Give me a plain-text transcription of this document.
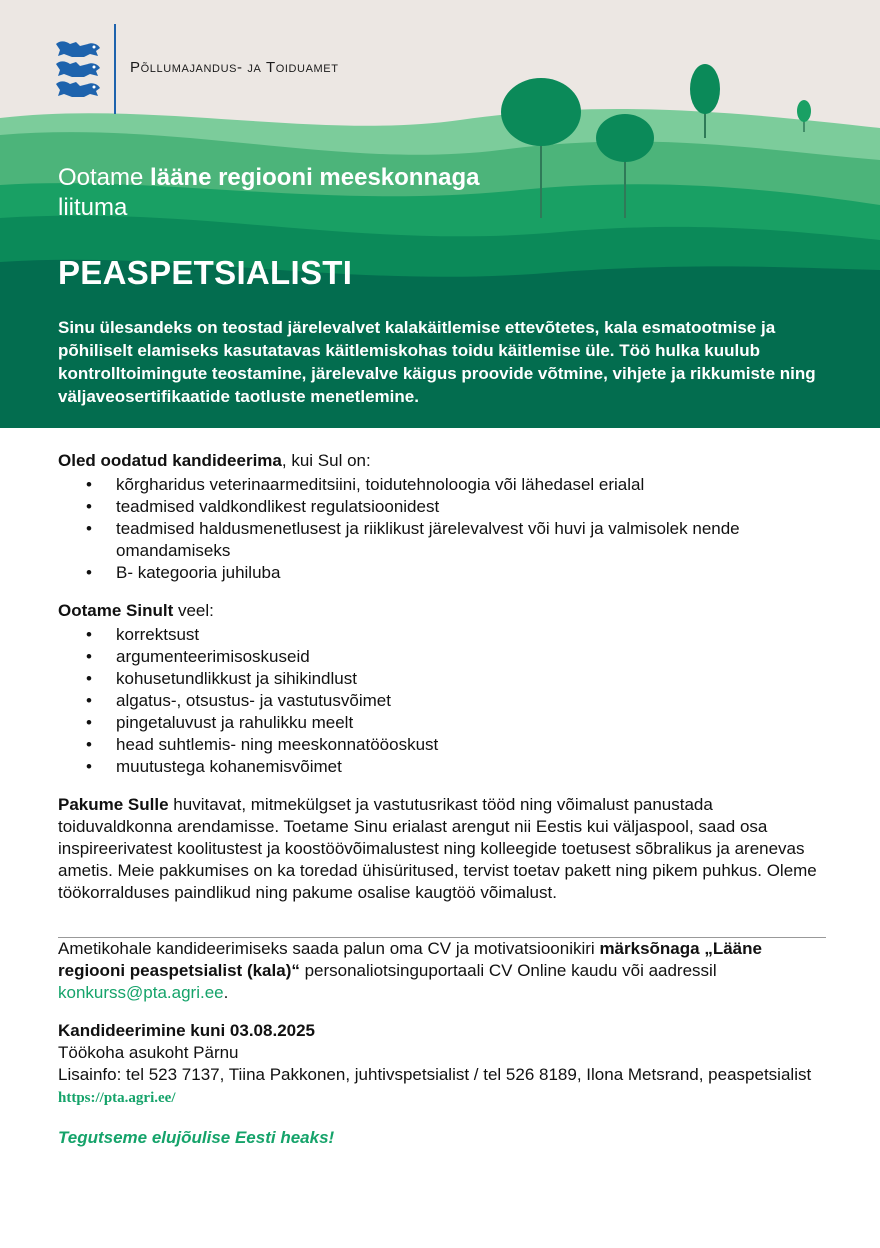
Põllumajandus- ja Toiduamet
Ootame lääne regiooni meeskonnaga liituma
PEASPETSIALISTI
Sinu ülesandeks on teostad järelevalvet kalakäitlemise ettevõtetes, kala esmatootmise ja põhiliselt elamiseks kasutatavas käitlemiskohas toidu käitlemise üle. Töö hulka kuulub kontrolltoimingute teostamine, järelevalve käigus proovide võtmine, vihjete ja rikkumiste ning väljaveosertifikaatide taotluste menetlemine.

Oled oodatud kandideerima, kui Sul on:

• kõrgharidus veterinaarmeditsiini, toidutehnoloogia või lähedasel erialal
• teadmised valdkondlikest regulatsioonidest
• teadmised haldusmenetlusest ja riiklikust järelevalvest või huvi ja valmisolek nende omandamiseks
• B- kategooria juhiluba

Ootame Sinult veel:

• korrektsust
• argumenteerimisoskuseid
• kohusetundlikkust ja sihikindlust
• algatus-, otsustus- ja vastutusvõimet
• pingetaluvust ja rahulikku meelt
• head suhtlemis- ning meeskonnatööoskust
• muutustega kohanemisvõimet

Pakume Sulle huvitavat, mitmekülgset ja vastutusrikast tööd ning võimalust panustada toiduvaldkonna arendamisse. Toetame Sinu erialast arengut nii Eestis kui väljaspool, saad osa inspireerivatest koolitustest ja koostöövõimalustest ning kolleegide toetusest sõbralikus ja arenevas ametis. Meie pakkumises on ka toredad ühisüritused, tervist toetav pakett ning pikem puhkus. Oleme töökorralduses paindlikud ning pakume osalise kaugtöö võimalust.

Ametikohale kandideerimiseks saada palun oma CV ja motivatsioonikiri märksõnaga „Lääne regiooni peaspetsialist (kala)“ personaliotsinguportaali CV Online kaudu või aadressil konkurss@pta.agri.ee.

Kandideerimine kuni 03.08.2025

Töökoha asukoht Pärnu

Lisainfo: tel 523 7137, Tiina Pakkonen, juhtivspetsialist / tel 526 8189, Ilona Metsrand, peaspetsialist

https://pta.agri.ee/

Tegutseme elujõulise Eesti heaks!
